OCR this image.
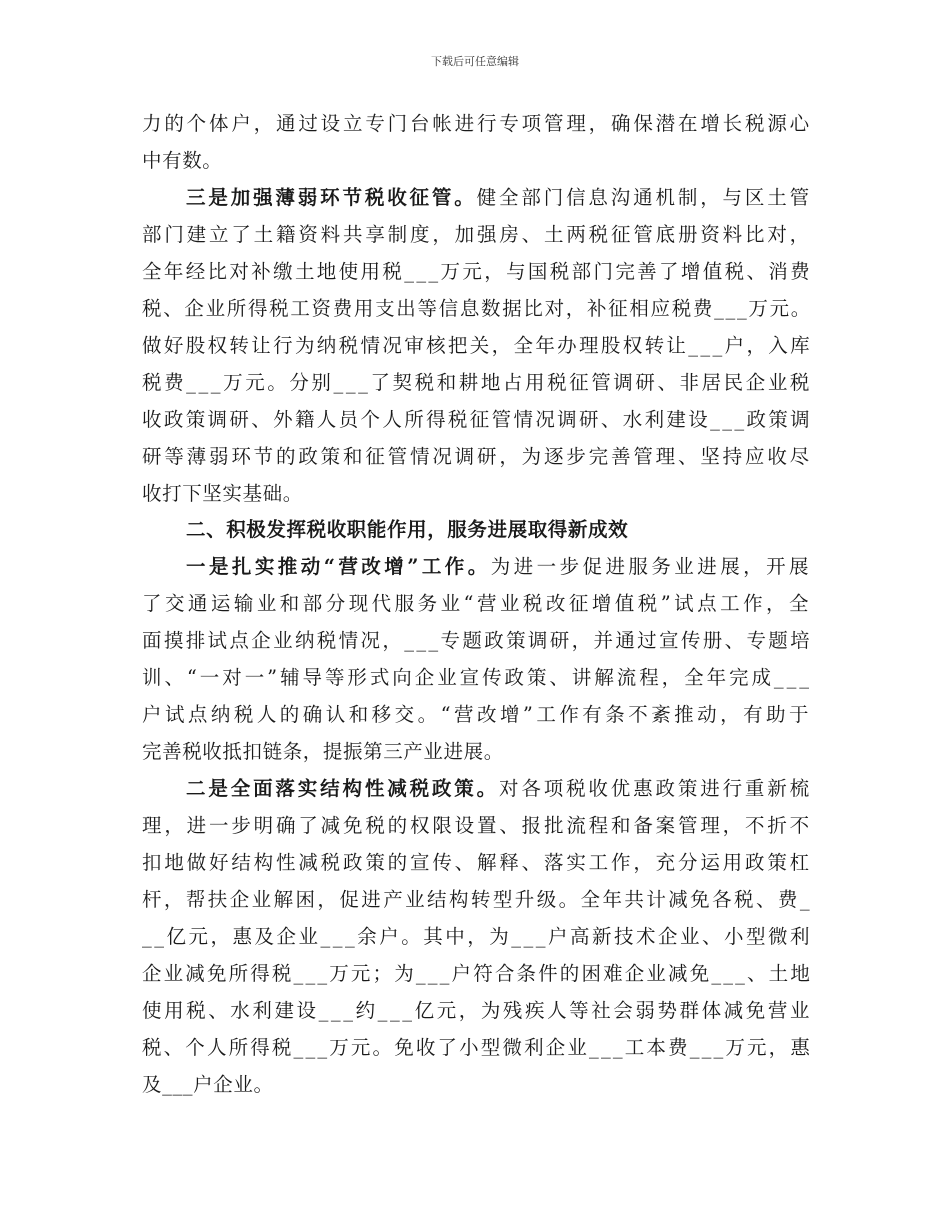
下载后可任意编辑
力的个体户，通过设立专门台帐进行专项管理，确保潜在增长税源心
中有数。
三是加强薄弱环节税收征管。健全部门信息沟通机制，与区土管
部门建立了土籍资料共享制度，加强房、土两税征管底册资料比对，
全年经比对补缴土地使用税___万元，与国税部门完善了增值税、消费
税、企业所得税工资费用支出等信息数据比对，补征相应税费___万元。
做好股权转让行为纳税情况审核把关，全年办理股权转让___户，入库
税费___万元。分别___了契税和耕地占用税征管调研、非居民企业税
收政策调研、外籍人员个人所得税征管情况调研、水利建设___政策调
研等薄弱环节的政策和征管情况调研，为逐步完善管理、坚持应收尽
收打下坚实基础。
二、积极发挥税收职能作用，服务进展取得新成效
一是扎实推动“营改增”工作。为进一步促进服务业进展，开展
了交通运输业和部分现代服务业“营业税改征增值税”试点工作，全
面摸排试点企业纳税情况，___专题政策调研，并通过宣传册、专题培
训、“一对一”辅导等形式向企业宣传政策、讲解流程，全年完成___
户试点纳税人的确认和移交。“营改增”工作有条不紊推动，有助于
完善税收抵扣链条，提振第三产业进展。
二是全面落实结构性减税政策。对各项税收优惠政策进行重新梳
理，进一步明确了减免税的权限设置、报批流程和备案管理，不折不
扣地做好结构性减税政策的宣传、解释、落实工作，充分运用政策杠
杆，帮扶企业解困，促进产业结构转型升级。全年共计减免各税、费_
__亿元，惠及企业___余户。其中，为___户高新技术企业、小型微利
企业减免所得税___万元；为___户符合条件的困难企业减免___、土地
使用税、水利建设___约___亿元，为残疾人等社会弱势群体减免营业
税、个人所得税___万元。免收了小型微利企业___工本费___万元，惠
及___户企业。
